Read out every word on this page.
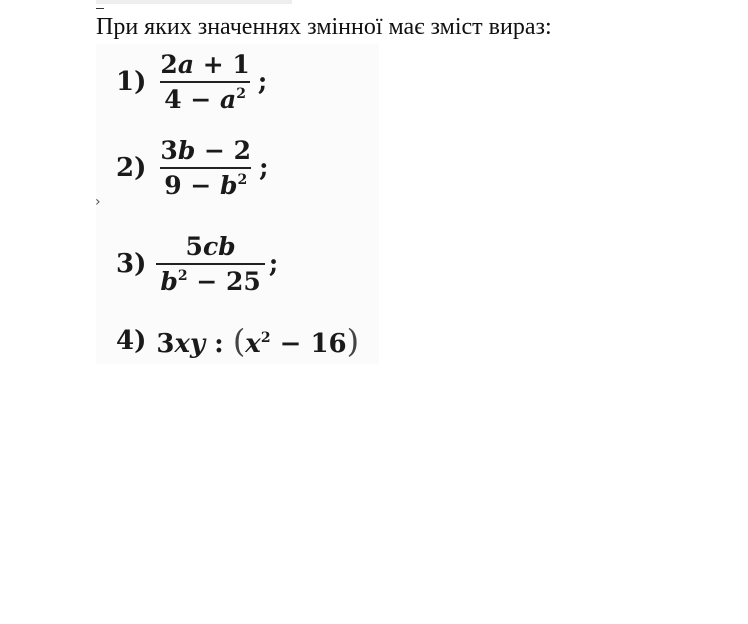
При яких значеннях змінної має зміст вираз:
›
$1) \frac{2a + 1}{4 - a^2}$ ;
$2) \frac{3b - 2}{9 - b^2}$ ;
$3) \frac{5cb}{b^2 - 25}$ ;
4) 3xy : $(x^2 - 16)$
